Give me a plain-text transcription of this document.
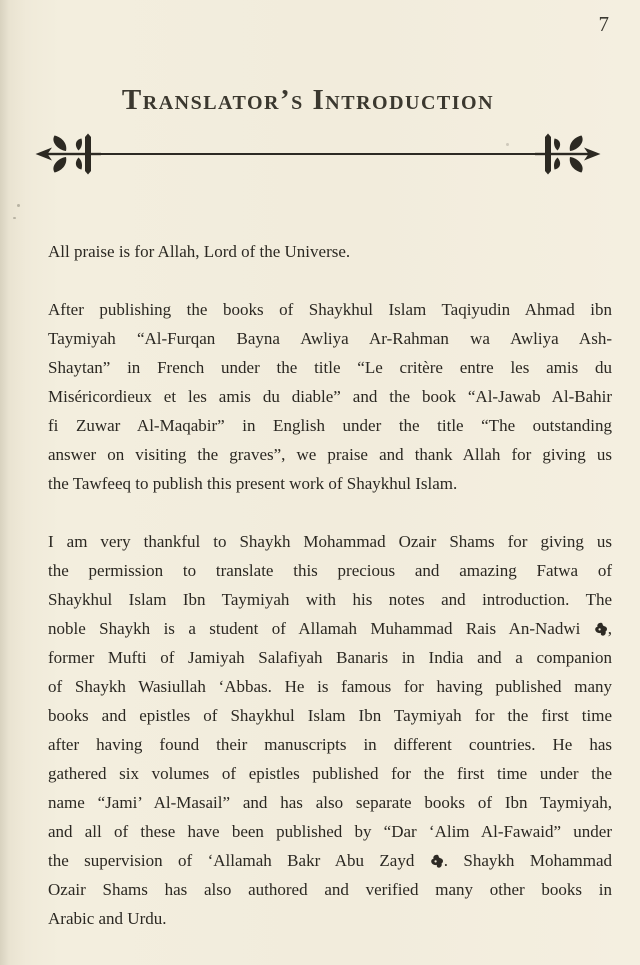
7
Translator’s Introduction
All praise is for Allah, Lord of the Universe.
After publishing the books of Shaykhul Islam Taqiyudin Ahmad ibn
Taymiyah “Al-Furqan Bayna Awliya Ar-Rahman wa Awliya Ash-
Shaytan” in French under the title “Le critère entre les amis du
Miséricordieux et les amis du diable” and the book “Al-Jawab Al-Bahir
fi Zuwar Al-Maqabir” in English under the title “The outstanding
answer on visiting the graves”, we praise and thank Allah for giving us
the Tawfeeq to publish this present work of Shaykhul Islam.
I am very thankful to Shaykh Mohammad Ozair Shams for giving us
the permission to translate this precious and amazing Fatwa of
Shaykhul Islam Ibn Taymiyah with his notes and introduction. The
noble Shaykh is a student of Allamah Muhammad Rais An-Nadwi ,
former Mufti of Jamiyah Salafiyah Banaris in India and a companion
of Shaykh Wasiullah ‘Abbas. He is famous for having published many
books and epistles of Shaykhul Islam Ibn Taymiyah for the first time
after having found their manuscripts in different countries. He has
gathered six volumes of epistles published for the first time under the
name “Jami’ Al-Masail” and has also separate books of Ibn Taymiyah,
and all of these have been published by “Dar ‘Alim Al-Fawaid” under
the supervision of ‘Allamah Bakr Abu Zayd . Shaykh Mohammad
Ozair Shams has also authored and verified many other books in
Arabic and Urdu.
